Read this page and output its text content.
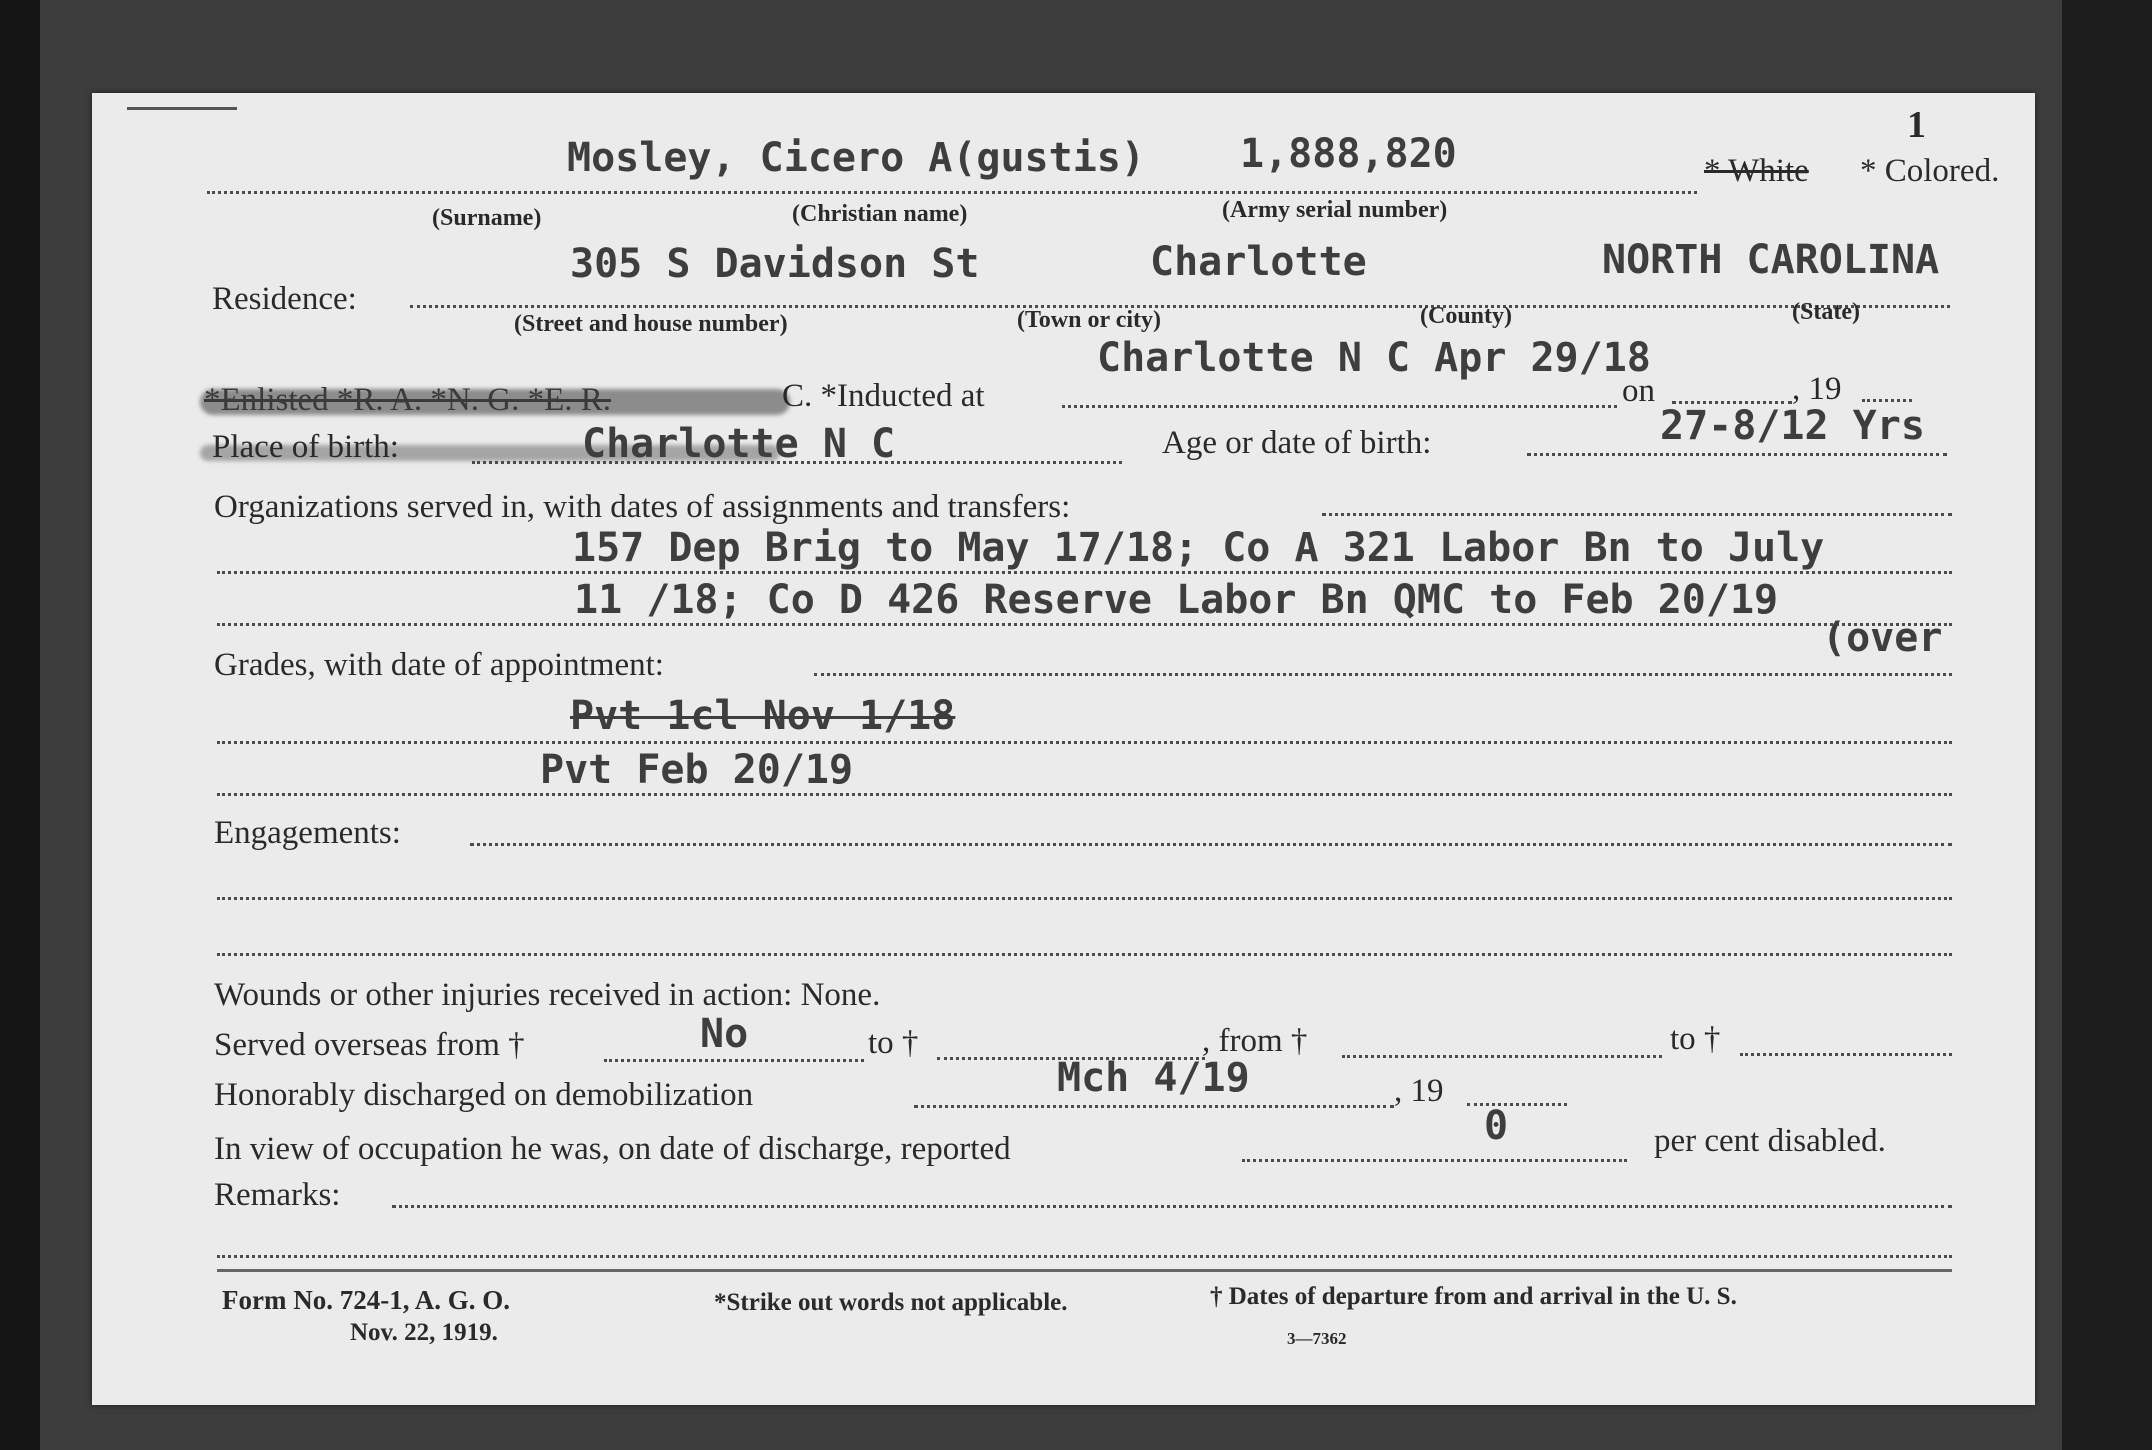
1
Mosley, Cicero A(gustis) 1,888,820	* White * Colored.
(Surname)	(Christian name)	(Army serial number)
Residence:
305 S Davidson St	Charlotte	NORTH CAROLINA
(Street and house number)	(Town or city)	(County)	(State)
Charlotte N C Apr 29/18
*Enlisted *R. A. *N. G. *E. R.	C. *Inducted at	on	, 19
Place of birth:	Charlotte N C	Age or date of birth:	27-8/12 Yrs
Organizations served in, with dates of assignments and transfers:
157 Dep Brig to May 17/18; Co A 321 Labor Bn to July
11 /18; Co D 426 Reserve Labor Bn QMC to Feb 20/19
(over
Grades, with date of appointment:
Pvt 1cl Nov 1/18
Pvt Feb 20/19
Engagements:
Wounds or other injuries received in action: None.
Served overseas from †	No	to †	, from †	to †
Honorably discharged on demobilization	Mch 4/19	, 19
In view of occupation he was, on date of discharge, reported	0	per cent disabled.
Remarks:
Form No. 724-1, A. G. O.
Nov. 22, 1919.
*Strike out words not applicable.	† Dates of departure from and arrival in the U. S.
3—7362
